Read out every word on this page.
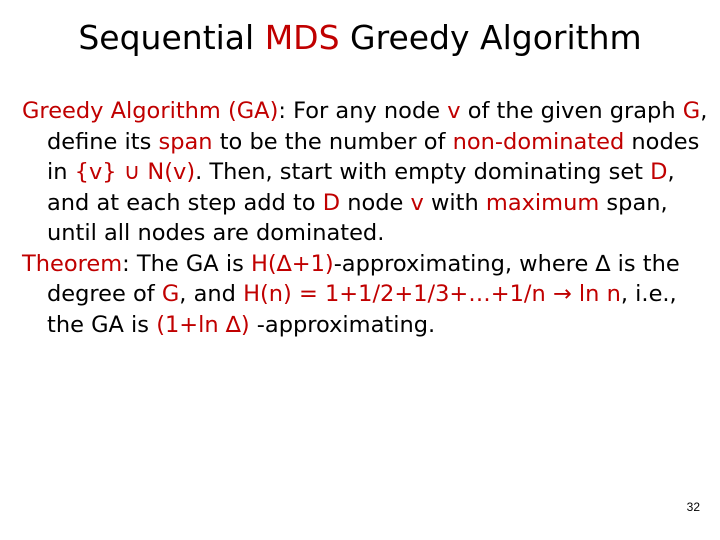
Sequential MDS Greedy Algorithm

Greedy Algorithm (GA): For any node v of the given graph G, define its span to be the number of non-dominated nodes in {v} ∪ N(v). Then, start with empty dominating set D, and at each step add to D node v with maximum span, until all nodes are dominated.

Theorem: The GA is H(∆+1)-approximating, where ∆ is the degree of G, and H(n) = 1+1/2+1/3+…+1/n → ln n, i.e., the GA is (1+ln ∆) -approximating.

32
